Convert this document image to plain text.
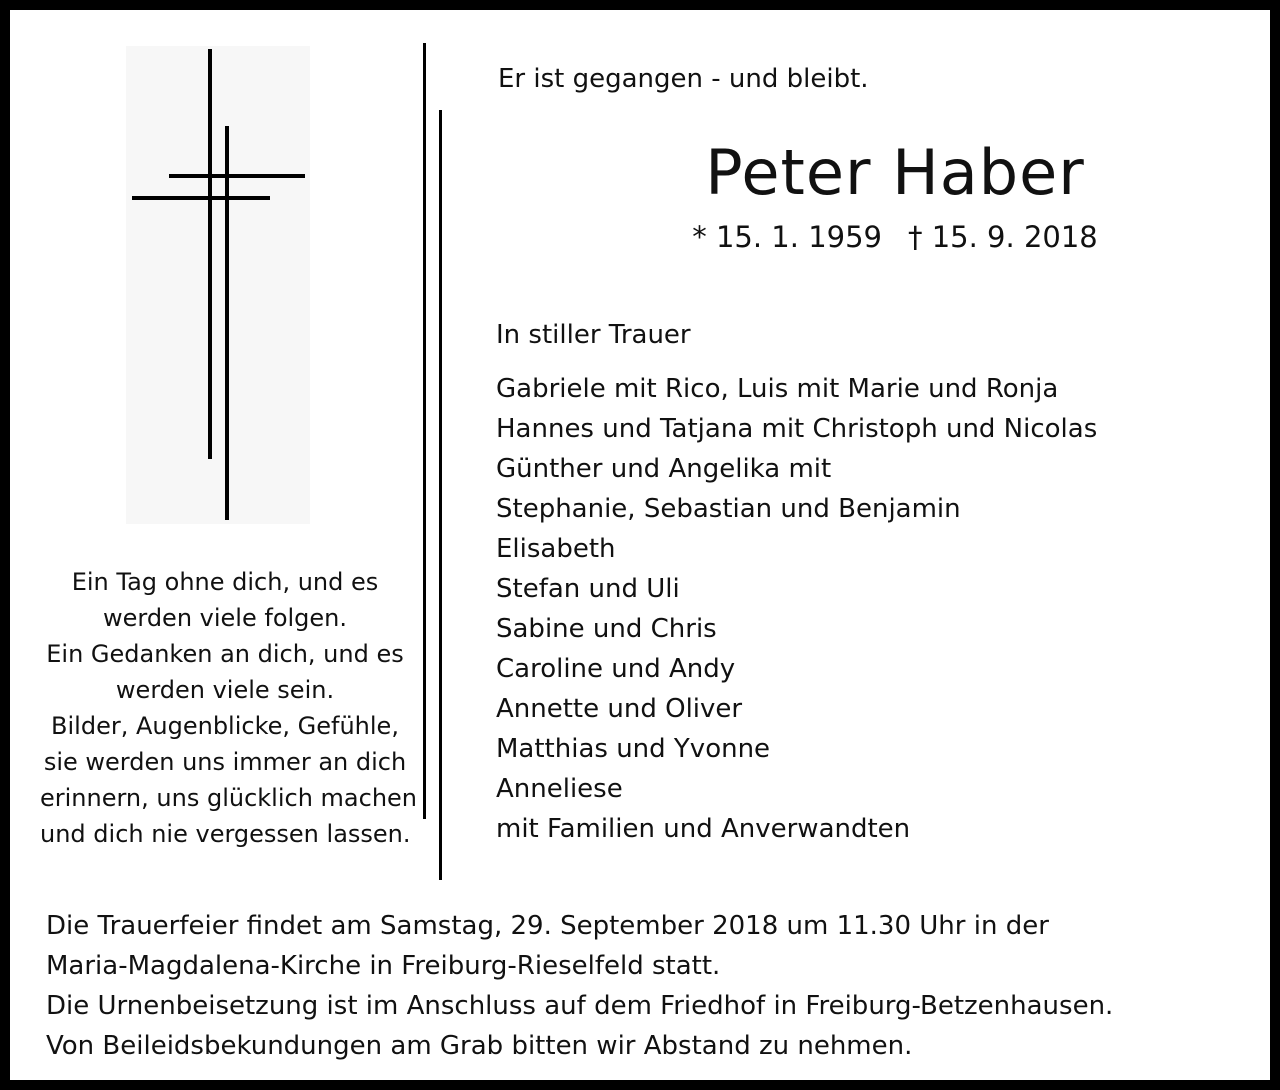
Ein Tag ohne dich, und es
werden viele folgen.
Ein Gedanken an dich, und es
werden viele sein.
Bilder, Augenblicke, Gefühle,
sie werden uns immer an dich
erinnern, uns glücklich machen
und dich nie vergessen lassen.
Er ist gegangen - und bleibt.
Peter Haber
* 15. 1. 1959 † 15. 9. 2018
In stiller Trauer
Gabriele mit Rico, Luis mit Marie und Ronja
Hannes und Tatjana mit Christoph und Nicolas
Günther und Angelika mit
Stephanie, Sebastian und Benjamin
Elisabeth
Stefan und Uli
Sabine und Chris
Caroline und Andy
Annette und Oliver
Matthias und Yvonne
Anneliese
mit Familien und Anverwandten
Die Trauerfeier findet am Samstag, 29. September 2018 um 11.30 Uhr in der
Maria-Magdalena-Kirche in Freiburg-Rieselfeld statt.
Die Urnenbeisetzung ist im Anschluss auf dem Friedhof in Freiburg-Betzenhausen.
Von Beileidsbekundungen am Grab bitten wir Abstand zu nehmen.
